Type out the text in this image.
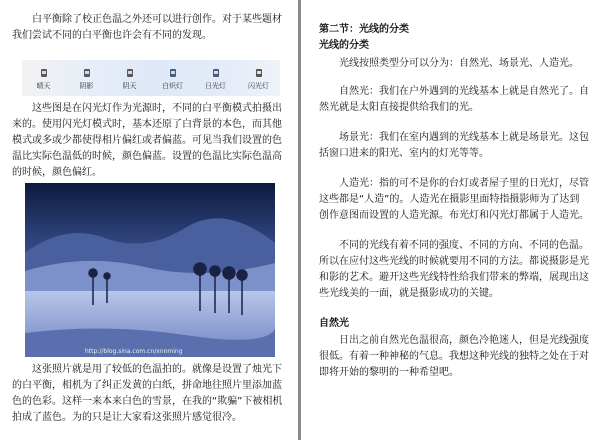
白平衡除了校正色温之外还可以进行创作。对于某些题材我们尝试不同的白平衡也许会有不同的发现。

晴天	阴影	阴天	白炽灯	日光灯	闪光灯

这些图是在闪光灯作为光源时，不同的白平衡模式拍摄出来的。使用闪光灯模式时，基本还原了白背景的本色，而其他模式或多或少都使得相片偏红或者偏蓝。可见当我们设置的色温比实际色温低的时候，颜色偏蓝。设置的色温比实际色温高的时候，颜色偏红。

http://blog.sina.com.cn/xnnming

这张照片就是用了较低的色温拍的。就像是设置了烛光下的白平衡，相机为了纠正发黄的白纸，拼命地往照片里添加蓝色的色彩。这样一来本来白色的雪景，在我的“欺骗”下被相机拍成了蓝色。为的只是让大家看这张照片感觉很冷。

第二节：光线的分类

光线的分类

光线按照类型分可以分为：自然光、场景光、人造光。

自然光：我们在户外遇到的光线基本上就是自然光了。自然光就是太阳直接提供给我们的光。

场景光：我们在室内遇到的光线基本上就是场景光。这包括窗口进来的阳光、室内的灯光等等。

人造光：指的可不是你的台灯或者屋子里的日光灯，尽管这些都是“人造”的。人造光在摄影里面特指摄影师为了达到创作意图而设置的人造光源。布光灯和闪光灯都属于人造光。

不同的光线有着不同的强度、不同的方向、不同的色温。所以在应付这些光线的时候就要用不同的方法。都说摄影是光和影的艺术。避开这些光线特性给我们带来的弊端，展现出这些光线美的一面，就是摄影成功的关键。

自然光

日出之前自然光色温很高，颜色冷艳迷人，但是光线强度很低。有着一种神秘的气息。我想这种光线的独特之处在于对即将开始的黎明的一种希望吧。
